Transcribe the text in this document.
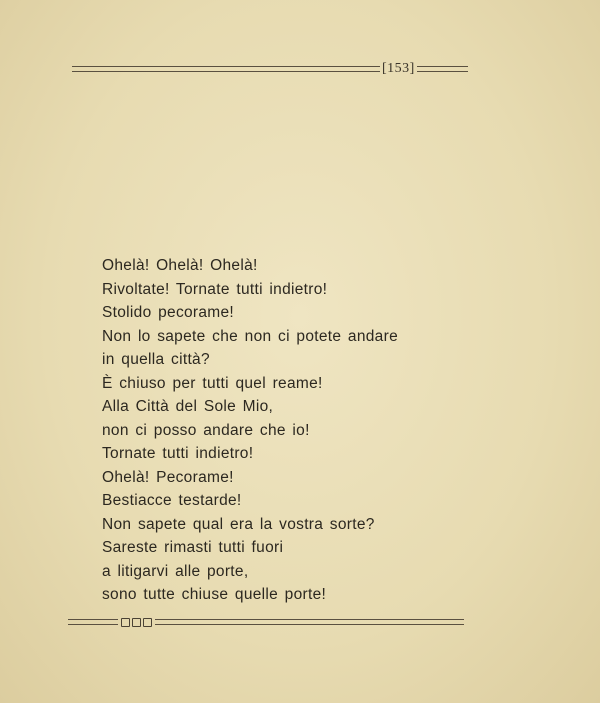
[153]
Ohelà! Ohelà! Ohelà!
Rivoltate! Tornate tutti indietro!
Stolido pecorame!
Non lo sapete che non ci potete andare
in quella città?
È chiuso per tutti quel reame!
Alla Città del Sole Mio,
non ci posso andare che io!
Tornate tutti indietro!
Ohelà! Pecorame!
Bestiacce testarde!
Non sapete qual era la vostra sorte?
Sareste rimasti tutti fuori
a litigarvi alle porte,
sono tutte chiuse quelle porte!
